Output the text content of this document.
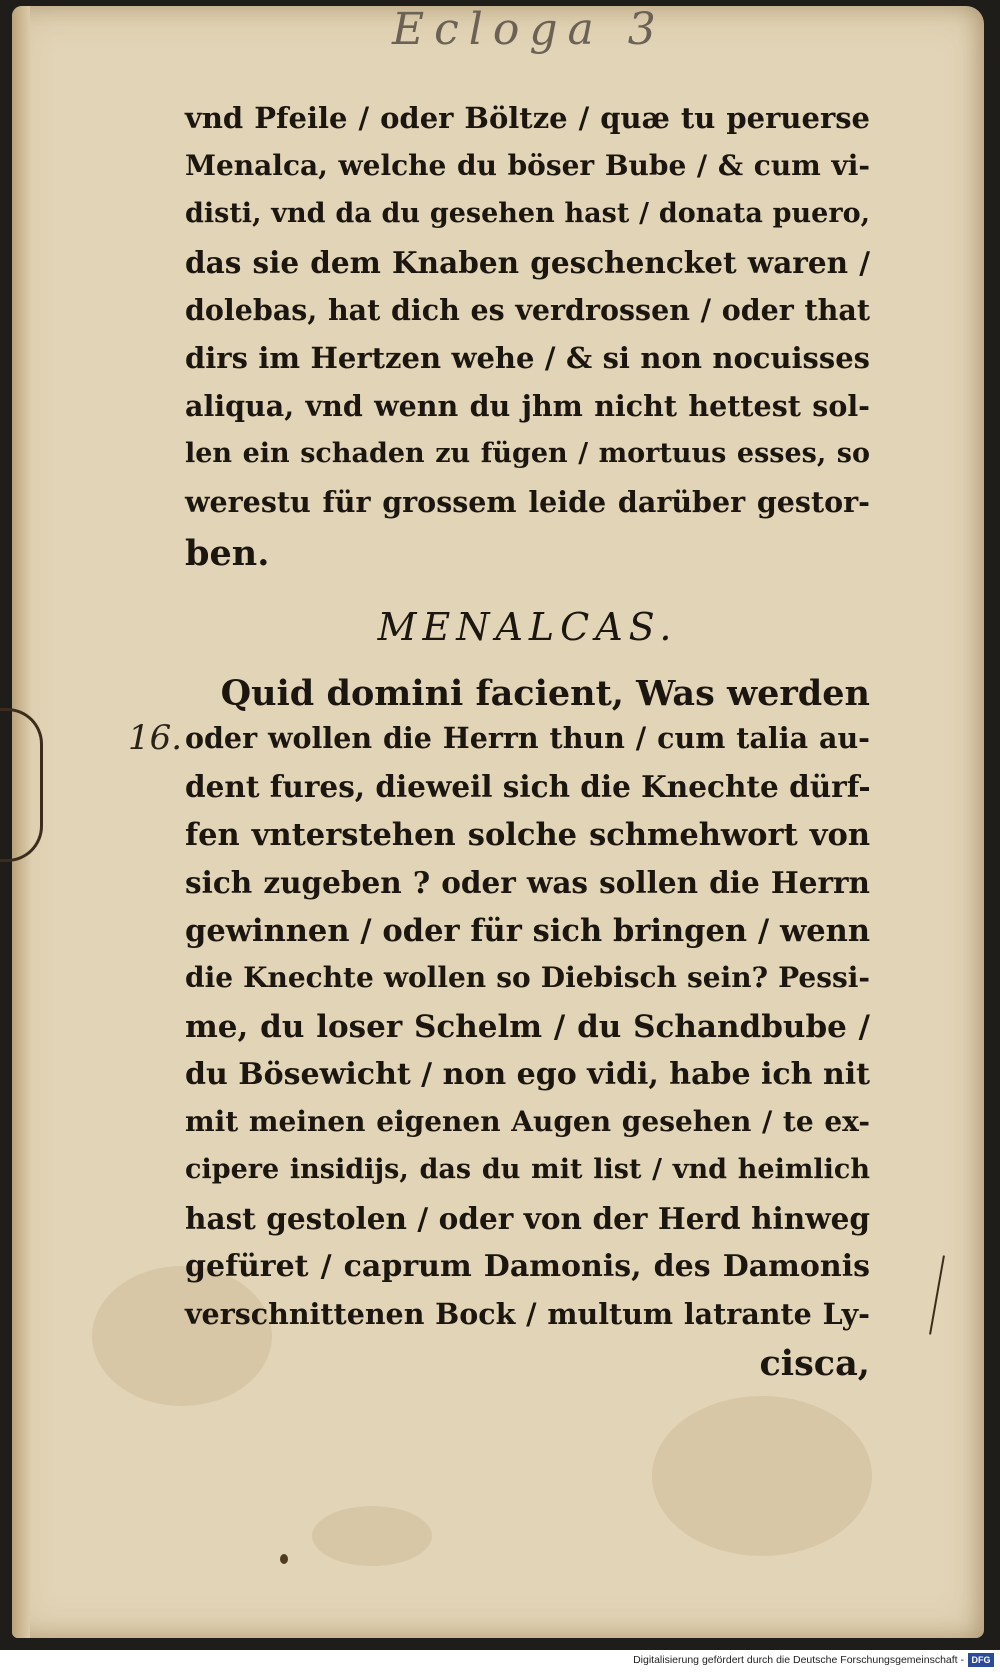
Ecloga 3
vnd Pfeile / oder Böltze / quæ tu peruerse
Menalca, welche du böser Bube / & cum vi-
disti, vnd da du gesehen hast / donata puero,
das sie dem Knaben geschencket waren /
dolebas, hat dich es verdrossen / oder that
dirs im Hertzen wehe / & si non nocuisses
aliqua, vnd wenn du jhm nicht hettest sol-
len ein schaden zu fügen / mortuus esses, so
werestu für grossem leide darüber gestor-
ben.
MENALCAS.
16.
Quid domini facient, Was werden
oder wollen die Herrn thun / cum talia au-
dent fures, dieweil sich die Knechte dürf-
fen vnterstehen solche schmehwort von
sich zugeben ? oder was sollen die Herrn
gewinnen / oder für sich bringen / wenn
die Knechte wollen so Diebisch sein? Pessi-
me, du loser Schelm / du Schandbube /
du Bösewicht / non ego vidi, habe ich nit
mit meinen eigenen Augen gesehen / te ex-
cipere insidijs, das du mit list / vnd heimlich
hast gestolen / oder von der Herd hinweg
gefüret / caprum Damonis, des Damonis
verschnittenen Bock / multum latrante Ly-
cisca,
Digitalisierung gefördert durch die Deutsche Forschungsgemeinschaft - DFG
